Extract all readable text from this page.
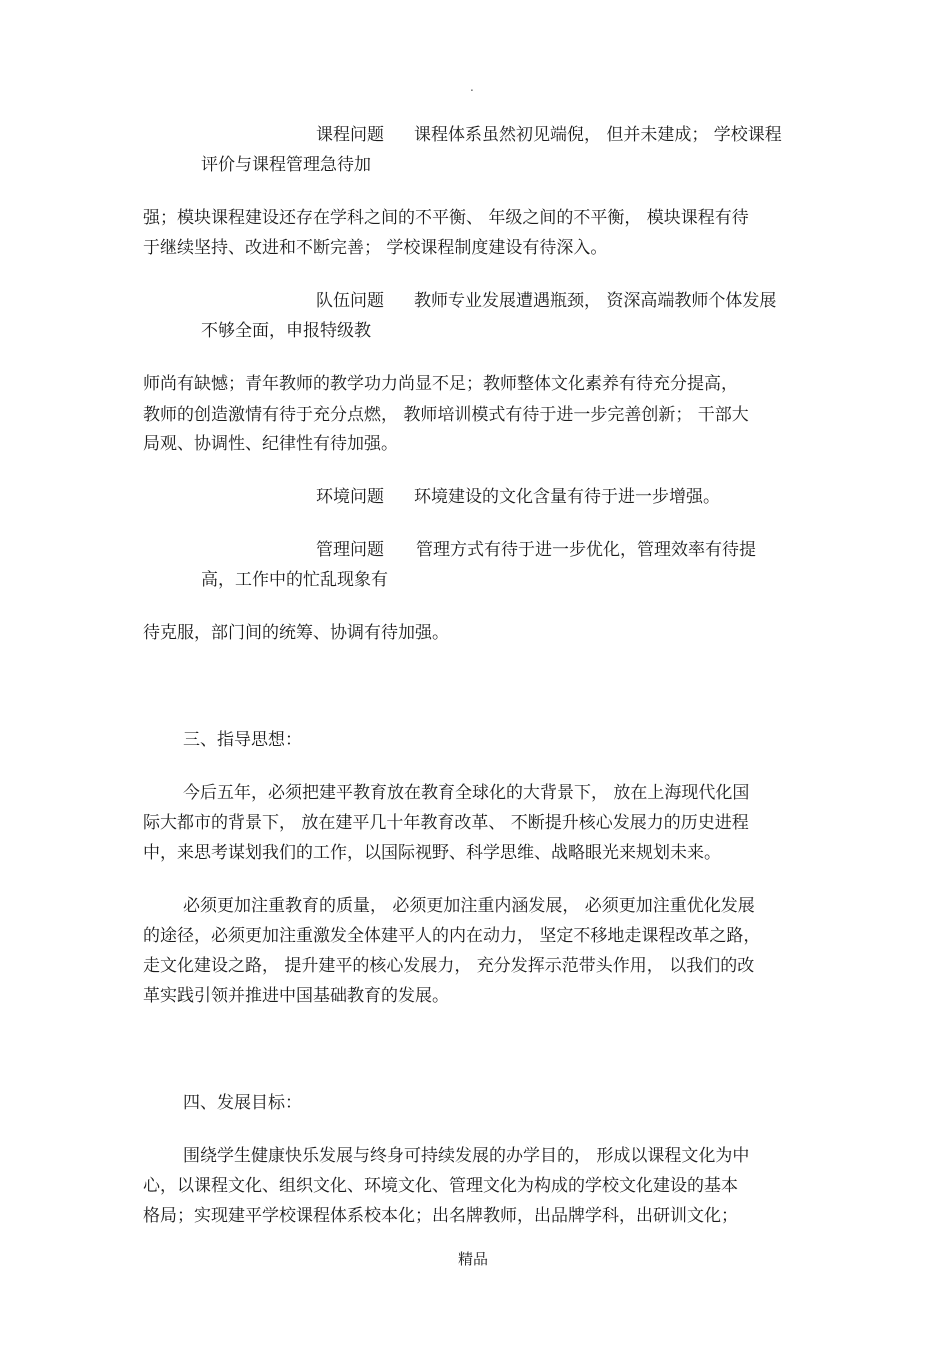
.
课程问题 课程体系虽然初见端倪， 但并未建成； 学校课程
评价与课程管理急待加
强；模块课程建设还存在学科之间的不平衡、 年级之间的不平衡， 模块课程有待
于继续坚持、改进和不断完善； 学校课程制度建设有待深入。
队伍问题 教师专业发展遭遇瓶颈， 资深高端教师个体发展
不够全面，申报特级教
师尚有缺憾；青年教师的教学功力尚显不足；教师整体文化素养有待充分提高，
教师的创造激情有待于充分点燃， 教师培训模式有待于进一步完善创新； 干部大
局观、协调性、纪律性有待加强。
环境问题 环境建设的文化含量有待于进一步增强。
管理问题 管理方式有待于进一步优化，管理效率有待提
高，工作中的忙乱现象有
待克服，部门间的统筹、协调有待加强。
三、指导思想：
今后五年，必须把建平教育放在教育全球化的大背景下， 放在上海现代化国
际大都市的背景下， 放在建平几十年教育改革、 不断提升核心发展力的历史进程
中，来思考谋划我们的工作，以国际视野、科学思维、战略眼光来规划未来。
必须更加注重教育的质量， 必须更加注重内涵发展， 必须更加注重优化发展
的途径，必须更加注重激发全体建平人的内在动力， 坚定不移地走课程改革之路，
走文化建设之路， 提升建平的核心发展力， 充分发挥示范带头作用， 以我们的改
革实践引领并推进中国基础教育的发展。
四、发展目标：
围绕学生健康快乐发展与终身可持续发展的办学目的， 形成以课程文化为中
心，以课程文化、组织文化、环境文化、管理文化为构成的学校文化建设的基本
格局；实现建平学校课程体系校本化；出名牌教师，出品牌学科，出研训文化；
精品
